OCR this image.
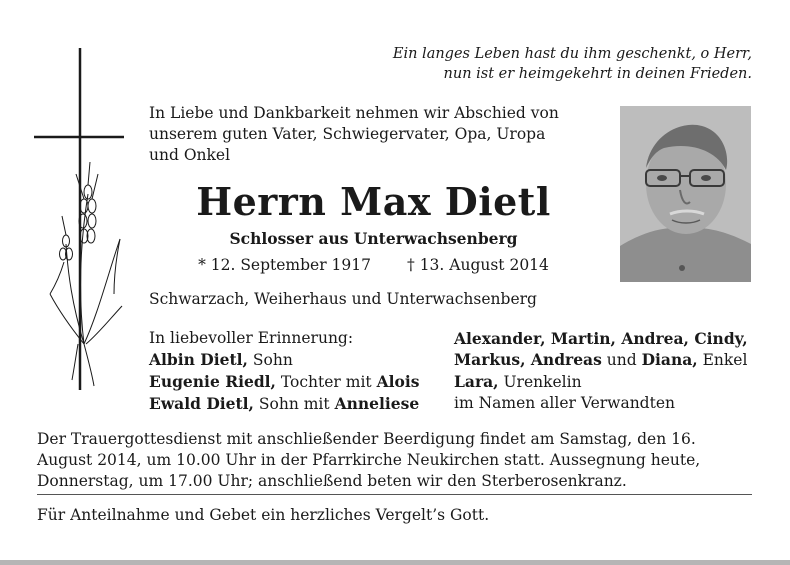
Ein langes Leben hast du ihm geschenkt, o Herr,
nun ist er heimgekehrt in deinen Frieden.
In Liebe und Dankbarkeit nehmen wir Abschied von
unserem guten Vater, Schwiegervater, Opa, Uropa
und Onkel
Herrn Max Dietl
Schlosser aus Unterwachsenberg
* 12. September 1917 † 13. August 2014
Schwarzach, Weiherhaus und Unterwachsenberg
In liebevoller Erinnerung:
Albin Dietl, Sohn
Eugenie Riedl, Tochter mit Alois
Ewald Dietl, Sohn mit Anneliese
Alexander, Martin, Andrea, Cindy,
Markus, Andreas und Diana, Enkel
Lara, Urenkelin
im Namen aller Verwandten
Der Trauergottesdienst mit anschließender Beerdigung findet am Samstag, den 16.
August 2014, um 10.00 Uhr in der Pfarrkirche Neukirchen statt. Aussegnung heute,
Donnerstag, um 17.00 Uhr; anschließend beten wir den Sterberosenkranz.
Für Anteilnahme und Gebet ein herzliches Vergelt’s Gott.
